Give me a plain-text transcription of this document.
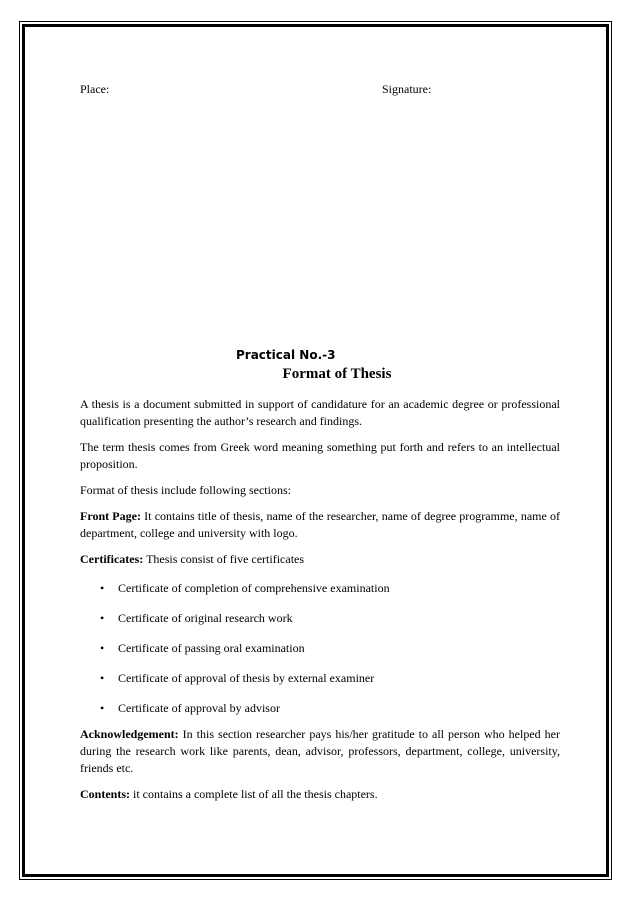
Place:	Signature:
Practical No.-3
Format of Thesis

A thesis is a document submitted in support of candidature for an academic degree or professional qualification presenting the author’s research and findings.

The term thesis comes from Greek word meaning something put forth and refers to an intellectual proposition.

Format of thesis include following sections:

Front Page: It contains title of thesis, name of the researcher, name of degree programme, name of department, college and university with logo.

Certificates: Thesis consist of five certificates

• Certificate of completion of comprehensive examination
• Certificate of original research work
• Certificate of passing oral examination
• Certificate of approval of thesis by external examiner
• Certificate of approval by advisor

Acknowledgement: In this section researcher pays his/her gratitude to all person who helped her during the research work like parents, dean, advisor, professors, department, college, university, friends etc.

Contents: it contains a complete list of all the thesis chapters.
